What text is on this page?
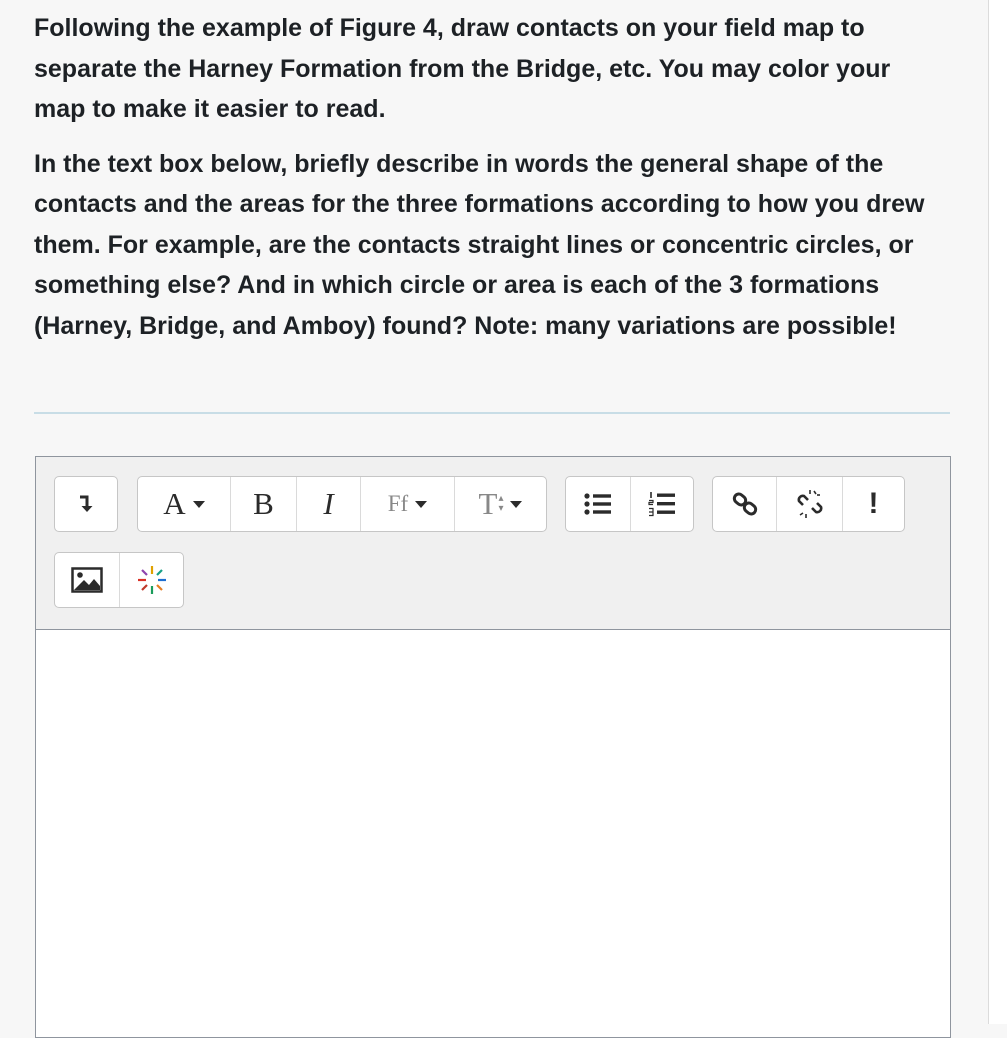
Following the example of Figure 4, draw contacts on your field map to separate the Harney Formation from the Bridge, etc. You may color your map to make it easier to read.

In the text box below, briefly describe in words the general shape of the contacts and the areas for the three formations according to how you drew them. For example, are the contacts straight lines or concentric circles, or something else? And in which circle or area is each of the 3 formations (Harney, Bridge, and Amboy) found? Note: many variations are possible!

A B I Ff T ▴
▾	!
